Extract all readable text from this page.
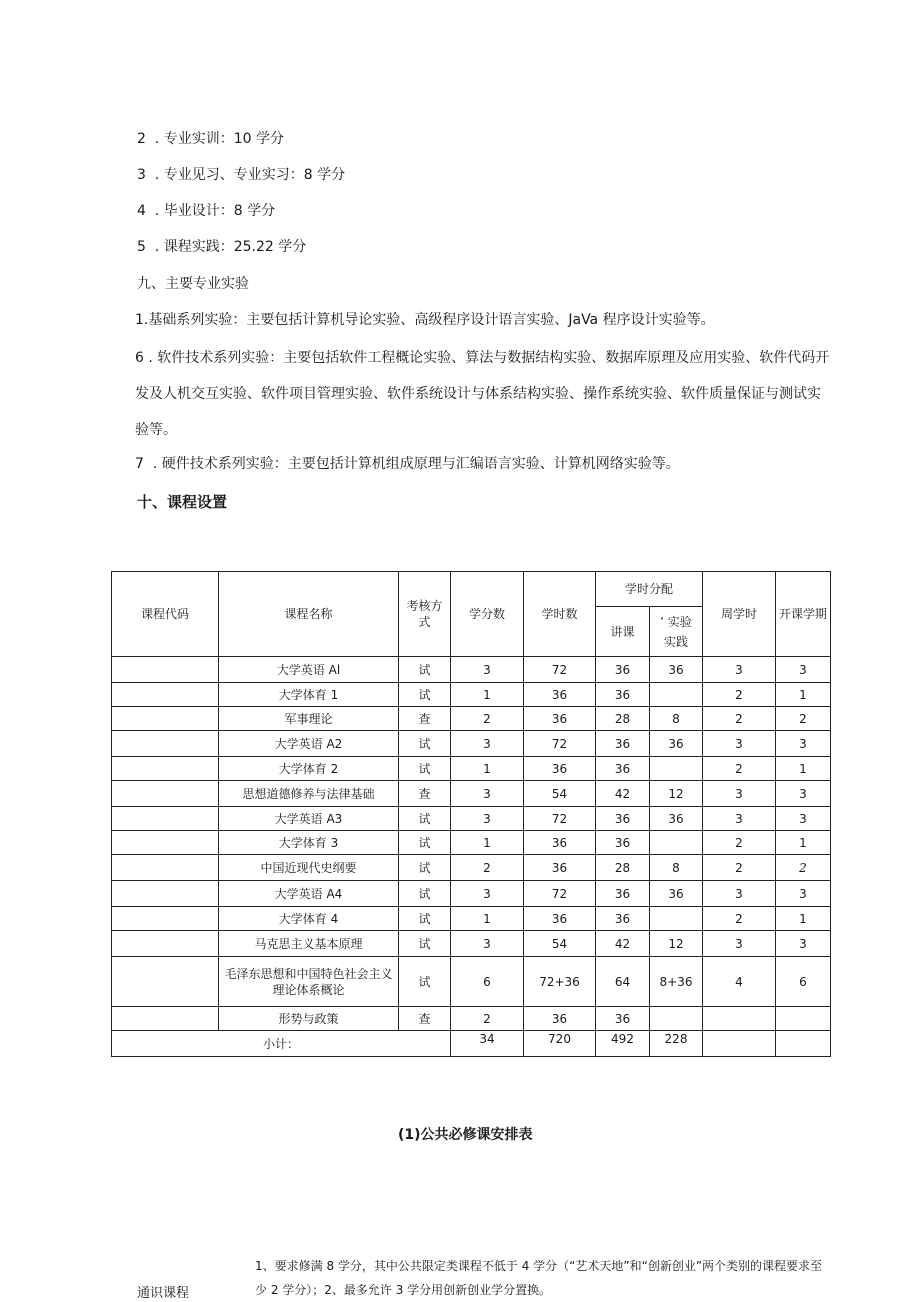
2  . 专业实训：10 学分
3  . 专业见习、专业实习：8 学分
4  . 毕业设计：8 学分
5  . 课程实践：25.22 学分
九、主要专业实验
1.基础系列实验：主要包括计算机导论实验、高级程序设计语言实验、JaVa 程序设计实验等。
6 . 软件技术系列实验：主要包括软件工程概论实验、算法与数据结构实验、数据库原理及应用实验、软件代码开发及人机交互实验、软件项目管理实验、软件系统设计与体系结构实验、操作系统实验、软件质量保证与测试实验等。
7  . 硬件技术系列实验：主要包括计算机组成原理与汇编语言实验、计算机网络实验等。
十、课程设置
课程代码	课程名称	考核方式	学分数	学时数	学时分配		周学时	开课学期
					讲课	’ 实验
实践		
	大学英语 Al	试	3	72	36	36	3	3
	大学体育 1	试	1	36	36		2	1
	军事理论	查	2	36	28	8	2	2
	大学英语 A2	试	3	72	36	36	3	3
	大学体育 2	试	1	36	36		2	1
	思想道德修养与法律基础	查	3	54	42	12	3	3
	大学英语 A3	试	3	72	36	36	3	3
	大学体育 3	试	1	36	36		2	1
	中国近现代史纲要	试	2	36	28	8	2	2
	大学英语 A4	试	3	72	36	36	3	3
	大学体育 4	试	1	36	36		2	1
	马克思主义基本原理	试	3	54	42	12	3	3
	毛泽东思想和中国特色社会主义理论体系概论	试	6	72+36	64	8+36	4	6
	形势与政策	查	2	36	36			
小计：			34	720	492	228		
(1)公共必修课安排表
1、要求修满 8 学分，其中公共限定类课程不低于 4 学分（“艺术天地”和“创新创业”两个类别的课程要求至少 2 学分）；2、最多允许 3 学分用创新创业学分置换。
通识课程
